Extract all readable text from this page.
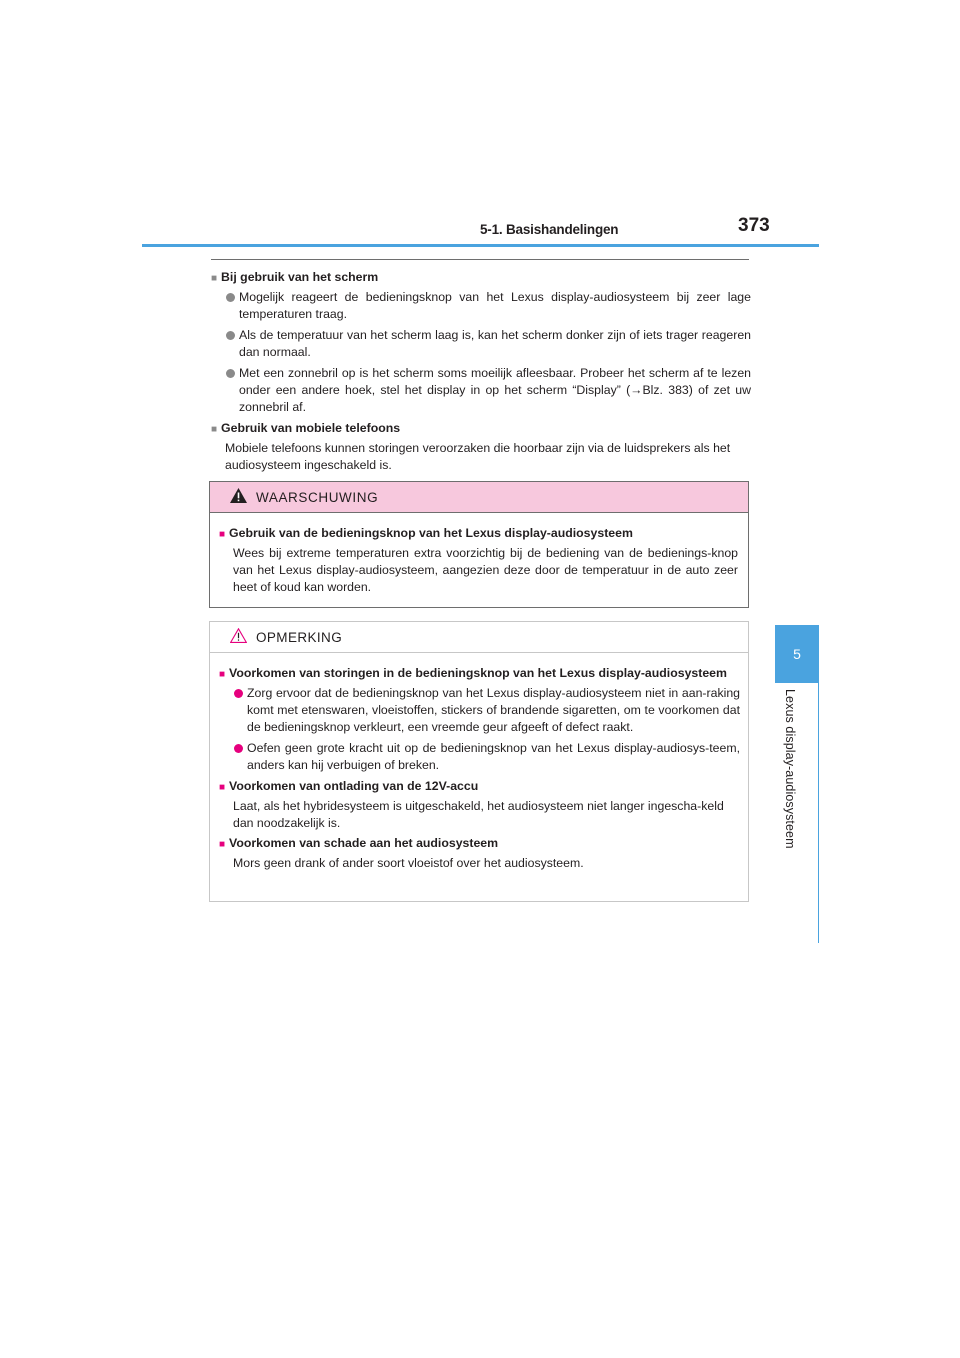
5-1. Basishandelingen	373
5
Lexus display-audiosysteem
■ Bij gebruik van het scherm
Mogelijk reageert de bedieningsknop van het Lexus display-audiosysteem bij zeer lage temperaturen traag.
Als de temperatuur van het scherm laag is, kan het scherm donker zijn of iets trager reageren dan normaal.
Met een zonnebril op is het scherm soms moeilijk afleesbaar. Probeer het scherm af te lezen onder een andere hoek, stel het display in op het scherm “Display” (→Blz. 383) of zet uw zonnebril af.
■ Gebruik van mobiele telefoons
Mobiele telefoons kunnen storingen veroorzaken die hoorbaar zijn via de luidsprekers als het audiosysteem ingeschakeld is.
WAARSCHUWING
■ Gebruik van de bedieningsknop van het Lexus display-audiosysteem
Wees bij extreme temperaturen extra voorzichtig bij de bediening van de bedienings-knop van het Lexus display-audiosysteem, aangezien deze door de temperatuur in de auto zeer heet of koud kan worden.
OPMERKING
■ Voorkomen van storingen in de bedieningsknop van het Lexus display-audiosysteem
Zorg ervoor dat de bedieningsknop van het Lexus display-audiosysteem niet in aan-raking komt met etenswaren, vloeistoffen, stickers of brandende sigaretten, om te voorkomen dat de bedieningsknop verkleurt, een vreemde geur afgeeft of defect raakt.
Oefen geen grote kracht uit op de bedieningsknop van het Lexus display-audiosys-teem, anders kan hij verbuigen of breken.
■ Voorkomen van ontlading van de 12V-accu
Laat, als het hybridesysteem is uitgeschakeld, het audiosysteem niet langer ingescha-keld dan noodzakelijk is.
■ Voorkomen van schade aan het audiosysteem
Mors geen drank of ander soort vloeistof over het audiosysteem.
